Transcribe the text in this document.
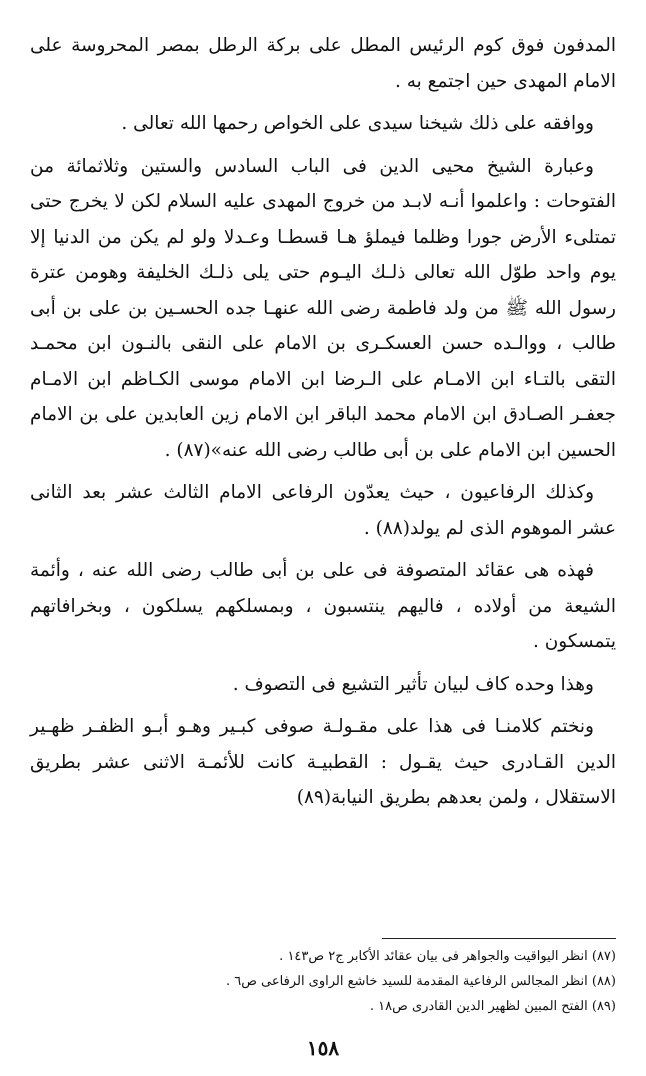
المدفون فوق كوم الرئيس المطل على بركة الرطل بمصر المحروسة على الامام المهدى حين اجتمع به .

ووافقه على ذلك شيخنا سيدى على الخواص رحمها الله تعالى .

وعبارة الشيخ محيى الدين فى الباب السادس والستين وثلاثمائة من الفتوحات : واعلموا أنـه لابـد من خروج المهدى عليه السلام لكن لا يخرج حتى تمتلىء الأرض جورا وظلما فيملؤ هـا قسطـا وعـدلا ولو لم يكن من الدنيا إلا يوم واحد طوّل الله تعالى ذلـك اليـوم حتى يلى ذلـك الخليفة وهومن عترة رسول الله ﷺ من ولد فاطمة رضى الله عنهـا جده الحسـين بن على بن أبى طالب ، ووالـده حسن العسكـرى بن الامام على النقى بالنـون ابن محمـد التقى بالتـاء ابن الامـام على الـرضا ابن الامام موسى الكـاظم ابن الامـام جعفـر الصـادق ابن الامام محمد الباقر ابن الامام زين العابدين على بن الامام الحسين ابن الامام على بن أبى طالب رضى الله عنه»(٨٧) .

وكذلك الرفاعيون ، حيث يعدّون الرفاعى الامام الثالث عشر بعد الثانى عشر الموهوم الذى لم يولد(٨٨) .

فهذه هى عقائد المتصوفة فى على بن أبى طالب رضى الله عنه ، وأئمة الشيعة من أولاده ، فاليهم ينتسبون ، وبمسلكهم يسلكون ، وبخرافاتهم يتمسكون .

وهذا وحده كاف لبيان تأثير التشيع فى التصوف .

ونختم كلامنـا فى هذا على مقـولـة صوفى كبـير وهـو أبـو الظفـر ظهـير الدين القـادرى حيث يقـول : القطبيـة كانت للأئمـة الاثنى عشر بطريق الاستقلال ، ولمن بعدهم بطريق النيابة(٨٩)

(٨٧) انظر اليواقيت والجواهر فى بيان عقائد الأكابر ج٢ ص١٤٣ .
(٨٨) انظر المجالس الرفاعية المقدمة للسيد خاشع الراوى الرفاعى ص٦ .
(٨٩) الفتح المبين لظهير الدين القادرى ص١٨ .
١٥٨
